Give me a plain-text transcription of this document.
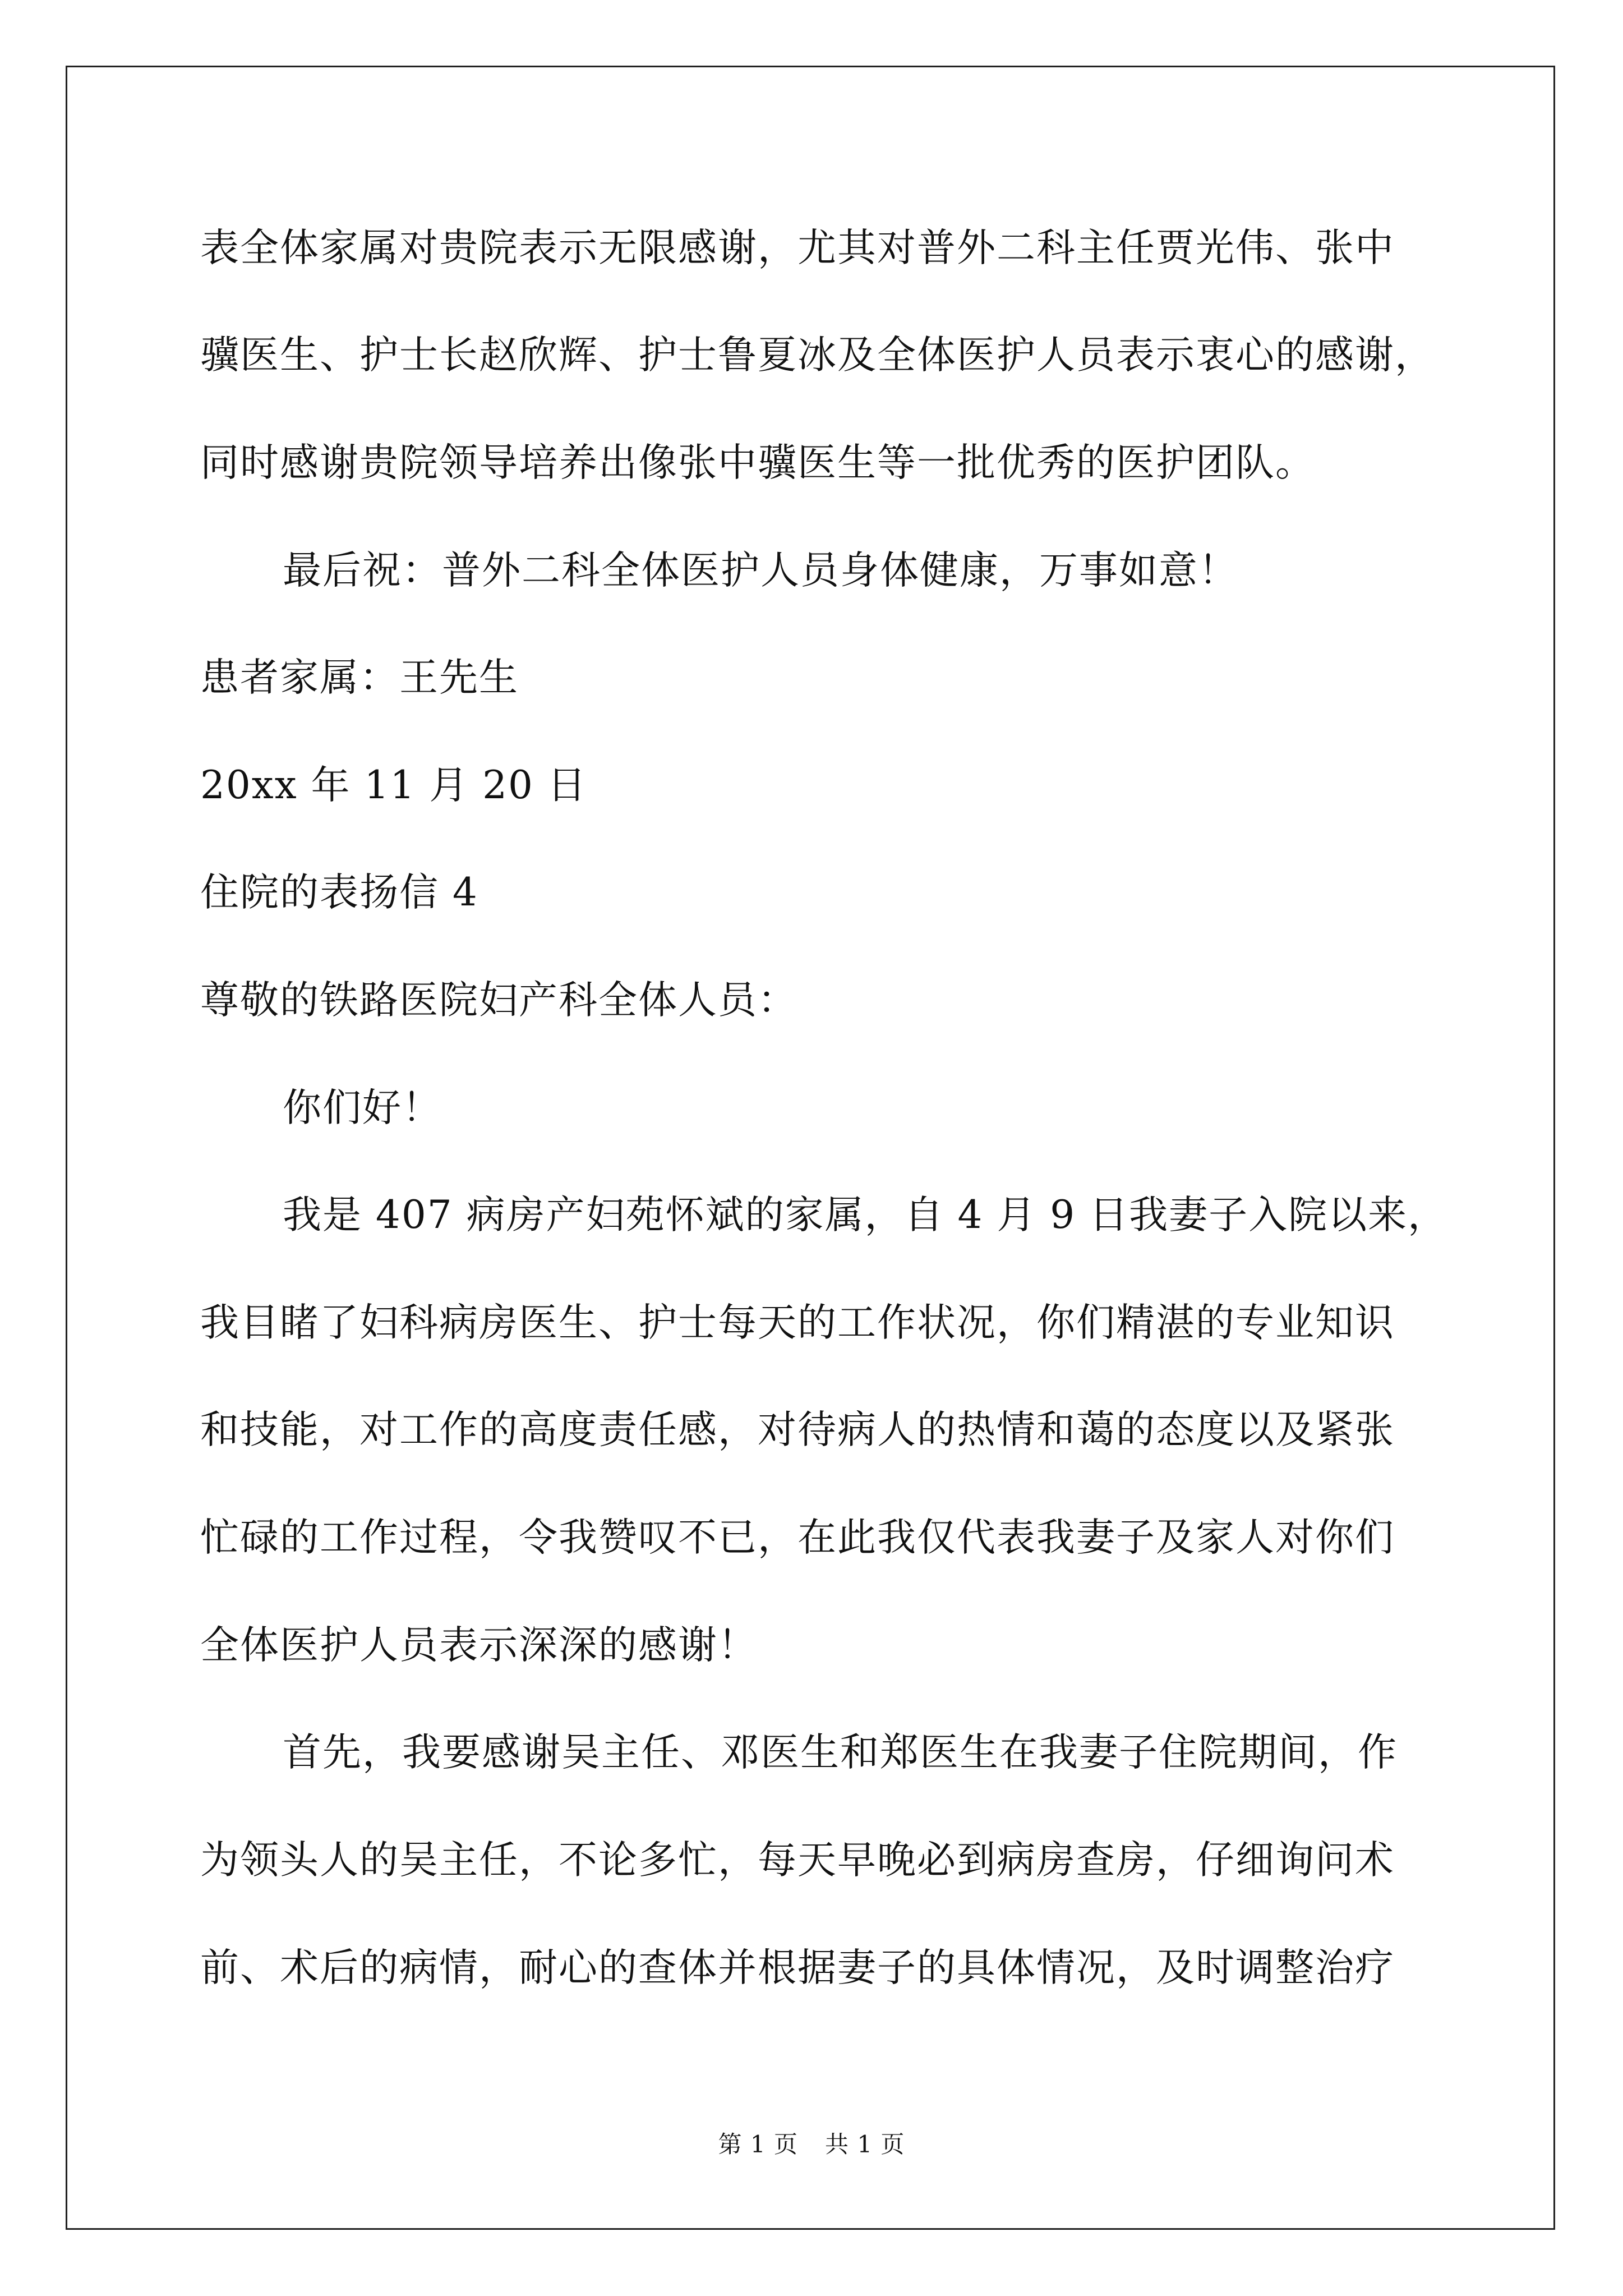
表全体家属对贵院表示无限感谢，尤其对普外二科主任贾光伟、张中
骥医生、护士长赵欣辉、护士鲁夏冰及全体医护人员表示衷心的感谢，
同时感谢贵院领导培养出像张中骥医生等一批优秀的医护团队。
最后祝：普外二科全体医护人员身体健康，万事如意！
患者家属：王先生
20xx 年 11 月 20 日
住院的表扬信 4
尊敬的铁路医院妇产科全体人员：
你们好！
我是 407 病房产妇苑怀斌的家属，自 4 月 9 日我妻子入院以来，
我目睹了妇科病房医生、护士每天的工作状况，你们精湛的专业知识
和技能，对工作的高度责任感，对待病人的热情和蔼的态度以及紧张
忙碌的工作过程，令我赞叹不已，在此我仅代表我妻子及家人对你们
全体医护人员表示深深的感谢！
首先，我要感谢吴主任、邓医生和郑医生在我妻子住院期间，作
为领头人的吴主任，不论多忙，每天早晚必到病房查房，仔细询问术
前、术后的病情，耐心的查体并根据妻子的具体情况，及时调整治疗
第 1 页 共 1 页
